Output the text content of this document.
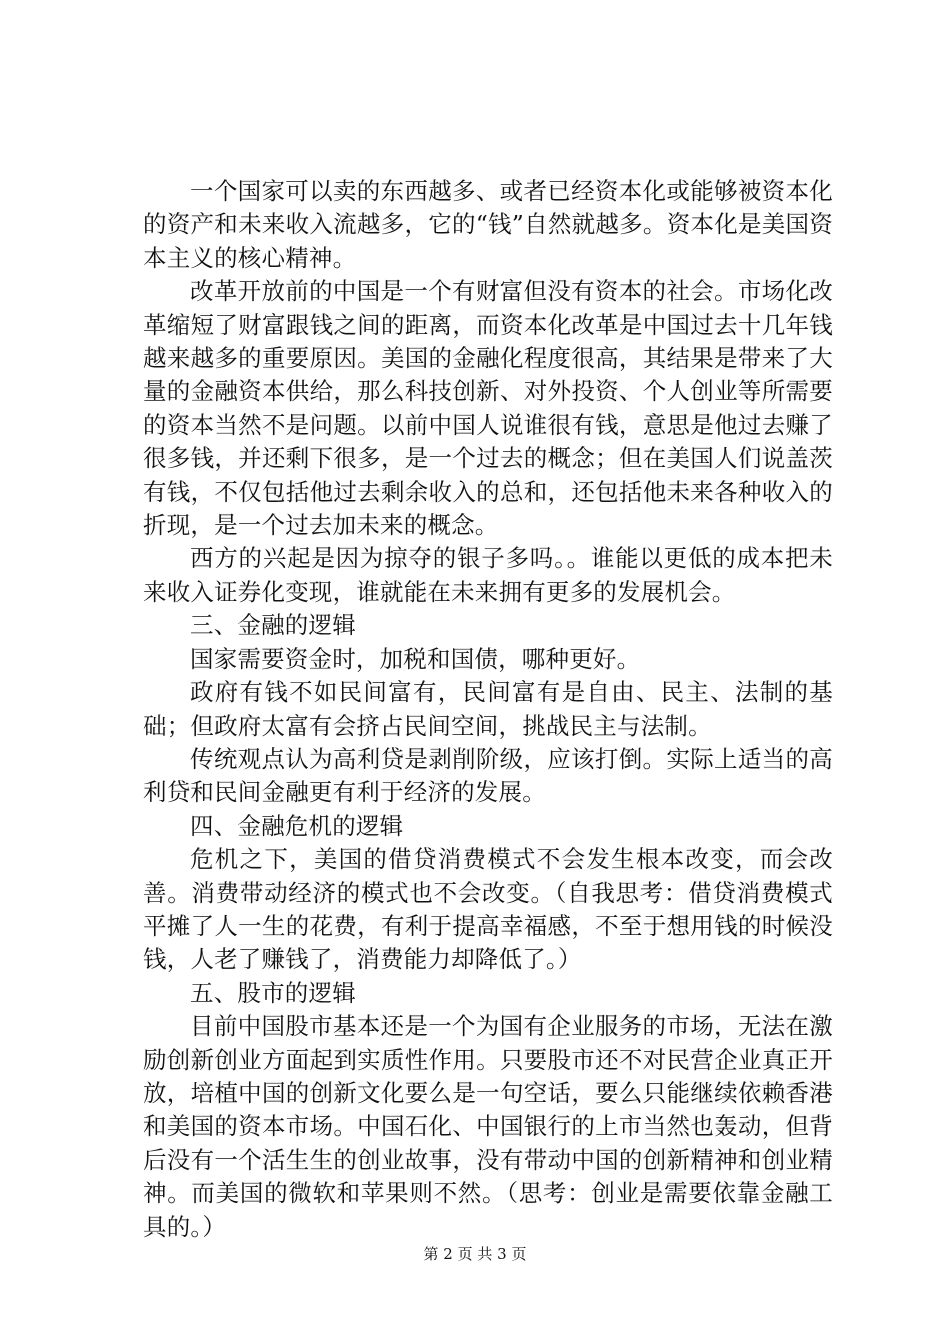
一个国家可以卖的东西越多、或者已经资本化或能够被资本化的资产和未来收入流越多，它的“钱”自然就越多。资本化是美国资本主义的核心精神。

改革开放前的中国是一个有财富但没有资本的社会。市场化改革缩短了财富跟钱之间的距离，而资本化改革是中国过去十几年钱越来越多的重要原因。美国的金融化程度很高，其结果是带来了大量的金融资本供给，那么科技创新、对外投资、个人创业等所需要的资本当然不是问题。以前中国人说谁很有钱，意思是他过去赚了很多钱，并还剩下很多，是一个过去的概念；但在美国人们说盖茨有钱，不仅包括他过去剩余收入的总和，还包括他未来各种收入的折现，是一个过去加未来的概念。

西方的兴起是因为掠夺的银子多吗。。谁能以更低的成本把未来收入证券化变现，谁就能在未来拥有更多的发展机会。

三、金融的逻辑

国家需要资金时，加税和国债，哪种更好。

政府有钱不如民间富有，民间富有是自由、民主、法制的基础；但政府太富有会挤占民间空间，挑战民主与法制。

传统观点认为高利贷是剥削阶级，应该打倒。实际上适当的高利贷和民间金融更有利于经济的发展。

四、金融危机的逻辑

危机之下，美国的借贷消费模式不会发生根本改变，而会改善。消费带动经济的模式也不会改变。（自我思考：借贷消费模式平摊了人一生的花费，有利于提高幸福感，不至于想用钱的时候没钱，人老了赚钱了，消费能力却降低了。）

五、股市的逻辑

目前中国股市基本还是一个为国有企业服务的市场，无法在激励创新创业方面起到实质性作用。只要股市还不对民营企业真正开放，培植中国的创新文化要么是一句空话，要么只能继续依赖香港和美国的资本市场。中国石化、中国银行的上市当然也轰动，但背后没有一个活生生的创业故事，没有带动中国的创新精神和创业精神。而美国的微软和苹果则不然。（思考：创业是需要依靠金融工具的。）

第 2 页 共 3 页
